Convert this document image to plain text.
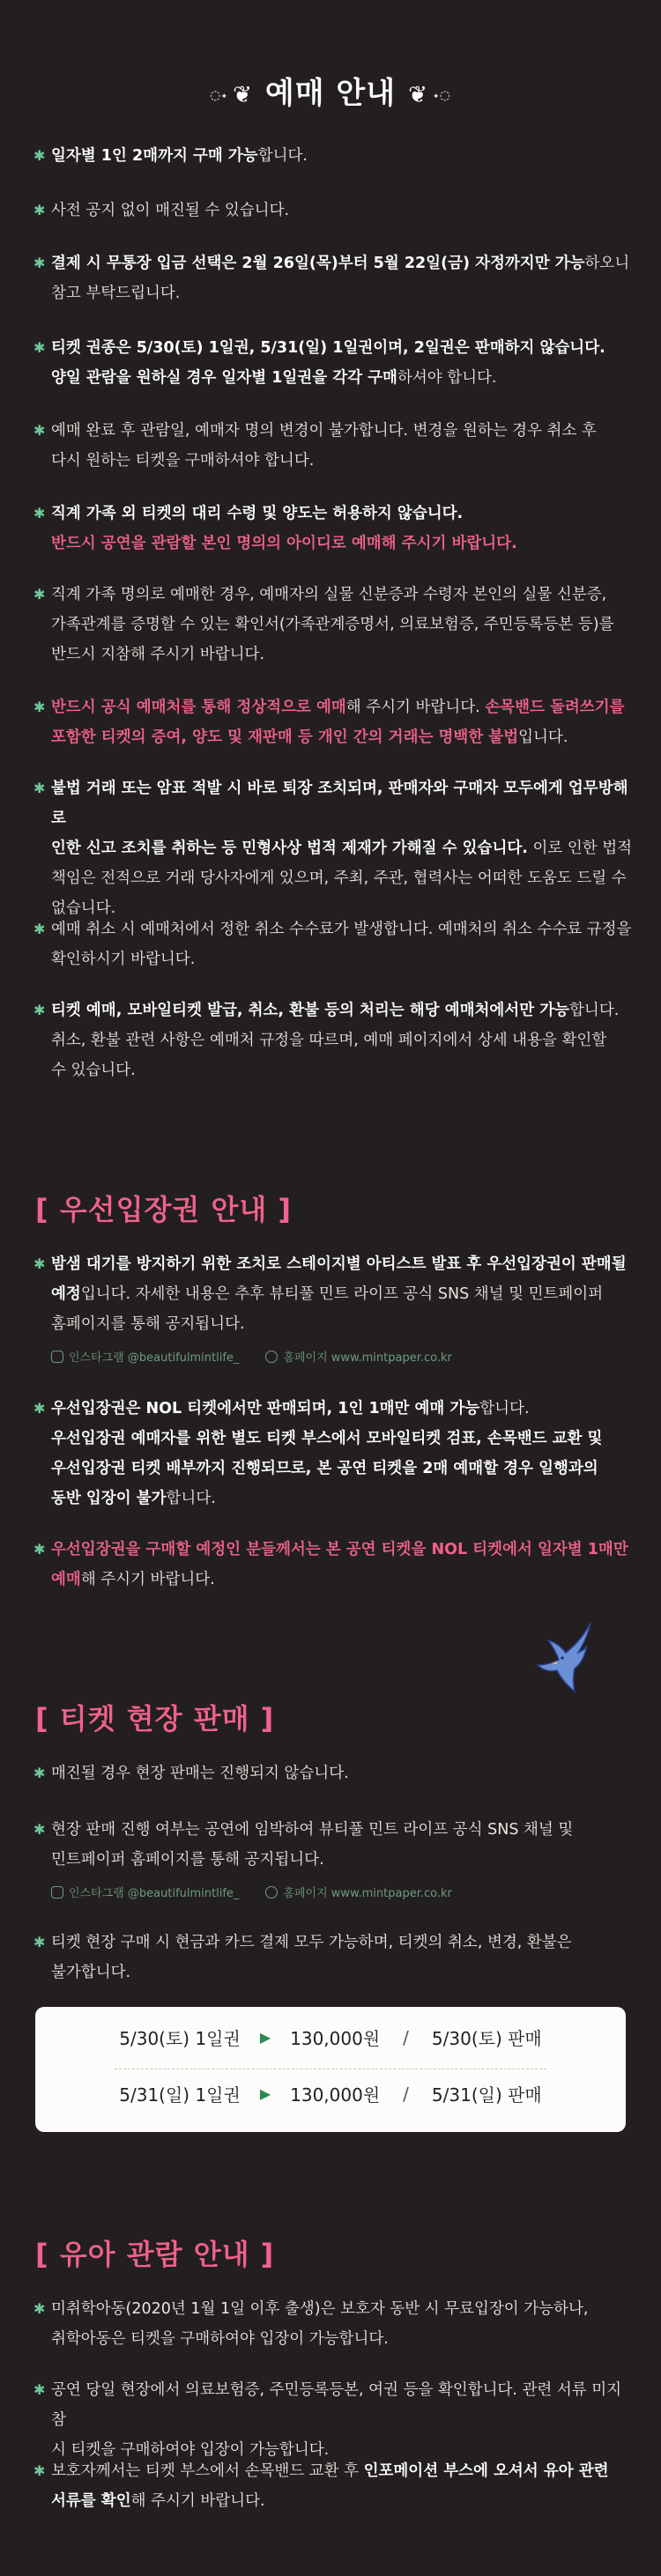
◌˖ ❦ 예매 안내 ❦ ˖◌
✱ 일자별 1인 2매까지 구매 가능합니다.
✱ 사전 공지 없이 매진될 수 있습니다.
✱ 결제 시 무통장 입금 선택은 2월 26일(목)부터 5월 22일(금) 자정까지만 가능하오니
참고 부탁드립니다.
✱ 티켓 권종은 5/30(토) 1일권, 5/31(일) 1일권이며, 2일권은 판매하지 않습니다.
양일 관람을 원하실 경우 일자별 1일권을 각각 구매하셔야 합니다.
✱ 예매 완료 후 관람일, 예매자 명의 변경이 불가합니다. 변경을 원하는 경우 취소 후
다시 원하는 티켓을 구매하셔야 합니다.
✱ 직계 가족 외 티켓의 대리 수령 및 양도는 허용하지 않습니다.
반드시 공연을 관람할 본인 명의의 아이디로 예매해 주시기 바랍니다.
✱ 직계 가족 명의로 예매한 경우, 예매자의 실물 신분증과 수령자 본인의 실물 신분증,
가족관계를 증명할 수 있는 확인서(가족관계증명서, 의료보험증, 주민등록등본 등)를
반드시 지참해 주시기 바랍니다.
✱ 반드시 공식 예매처를 통해 정상적으로 예매해 주시기 바랍니다. 손목밴드 돌려쓰기를
포함한 티켓의 증여, 양도 및 재판매 등 개인 간의 거래는 명백한 불법입니다.
✱ 불법 거래 또는 암표 적발 시 바로 퇴장 조치되며, 판매자와 구매자 모두에게 업무방해로
인한 신고 조치를 취하는 등 민형사상 법적 제재가 가해질 수 있습니다. 이로 인한 법적
책임은 전적으로 거래 당사자에게 있으며, 주최, 주관, 협력사는 어떠한 도움도 드릴 수
없습니다.
✱ 예매 취소 시 예매처에서 정한 취소 수수료가 발생합니다. 예매처의 취소 수수료 규정을
확인하시기 바랍니다.
✱ 티켓 예매, 모바일티켓 발급, 취소, 환불 등의 처리는 해당 예매처에서만 가능합니다.
취소, 환불 관련 사항은 예매처 규정을 따르며, 예매 페이지에서 상세 내용을 확인할
수 있습니다.
[ 우선입장권 안내 ]
✱ 밤샘 대기를 방지하기 위한 조치로 스테이지별 아티스트 발표 후 우선입장권이 판매될
예정입니다. 자세한 내용은 추후 뷰티풀 민트 라이프 공식 SNS 채널 및 민트페이퍼
홈페이지를 통해 공지됩니다.
인스타그램 @beautifulmintlife_	홈페이지 www.mintpaper.co.kr
✱ 우선입장권은 NOL 티켓에서만 판매되며, 1인 1매만 예매 가능합니다.
우선입장권 예매자를 위한 별도 티켓 부스에서 모바일티켓 검표, 손목밴드 교환 및
우선입장권 티켓 배부까지 진행되므로, 본 공연 티켓을 2매 예매할 경우 일행과의
동반 입장이 불가합니다.
✱ 우선입장권을 구매할 예정인 분들께서는 본 공연 티켓을 NOL 티켓에서 일자별 1매만
예매해 주시기 바랍니다.
[ 티켓 현장 판매 ]
✱ 매진될 경우 현장 판매는 진행되지 않습니다.
✱ 현장 판매 진행 여부는 공연에 임박하여 뷰티풀 민트 라이프 공식 SNS 채널 및
민트페이퍼 홈페이지를 통해 공지됩니다.
인스타그램 @beautifulmintlife_	홈페이지 www.mintpaper.co.kr
✱ 티켓 현장 구매 시 현금과 카드 결제 모두 가능하며, 티켓의 취소, 변경, 환불은
불가합니다.
5/30(토) 1일권 ▶ 130,000원 / 5/30(토) 판매
5/31(일) 1일권 ▶ 130,000원 / 5/31(일) 판매
[ 유아 관람 안내 ]
✱ 미취학아동(2020년 1월 1일 이후 출생)은 보호자 동반 시 무료입장이 가능하나,
취학아동은 티켓을 구매하여야 입장이 가능합니다.
✱ 공연 당일 현장에서 의료보험증, 주민등록등본, 여권 등을 확인합니다. 관련 서류 미지참
시 티켓을 구매하여야 입장이 가능합니다.
✱ 보호자께서는 티켓 부스에서 손목밴드 교환 후 인포메이션 부스에 오셔서 유아 관련
서류를 확인해 주시기 바랍니다.
